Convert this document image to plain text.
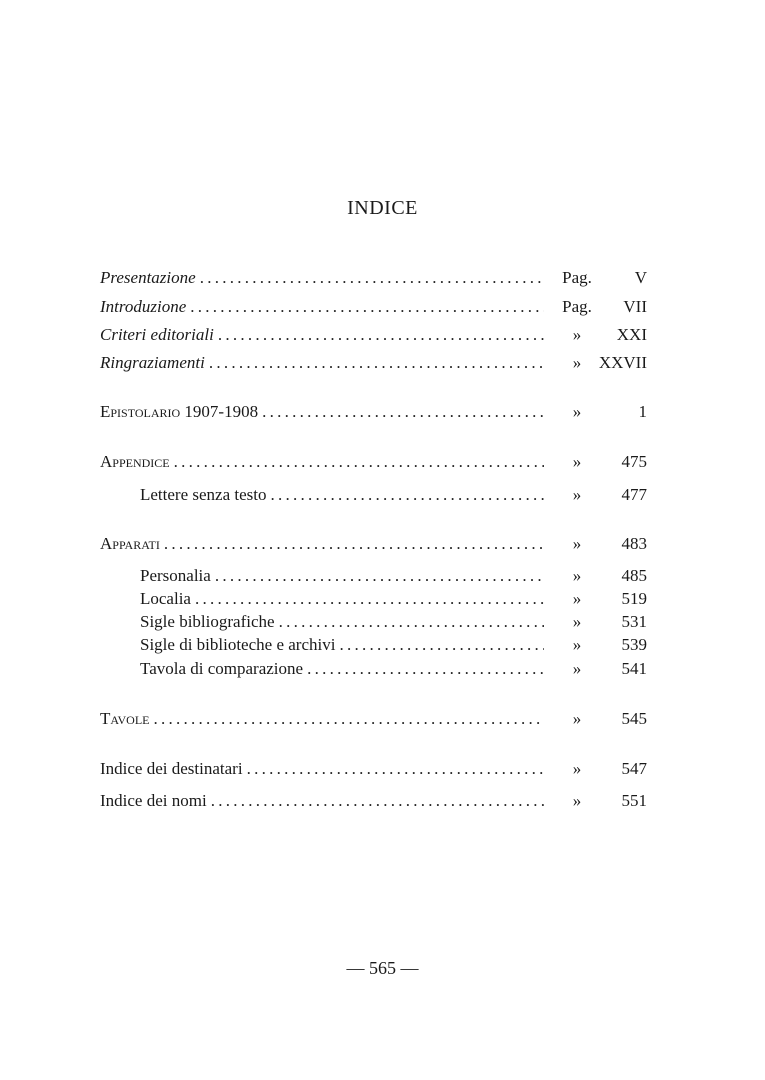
INDICE
Presentazione . . .	Pag.	V
Introduzione . . .	Pag.	VII
Criteri editoriali . . .	»	XXI
Ringraziamenti . . .	»	XXVII
Epistolario 1907-1908 . . .	»	1
Appendice . . .	»	475
Lettere senza testo . . .	»	477
Apparati . . .	»	483
Personalia . . .	»	485
Localia . . .	»	519
Sigle bibliografiche . . .	»	531
Sigle di biblioteche e archivi . . .	»	539
Tavola di comparazione . . .	»	541
Tavole . . .	»	545
Indice dei destinatari . . .	»	547
Indice dei nomi . . .	»	551
— 565 —
